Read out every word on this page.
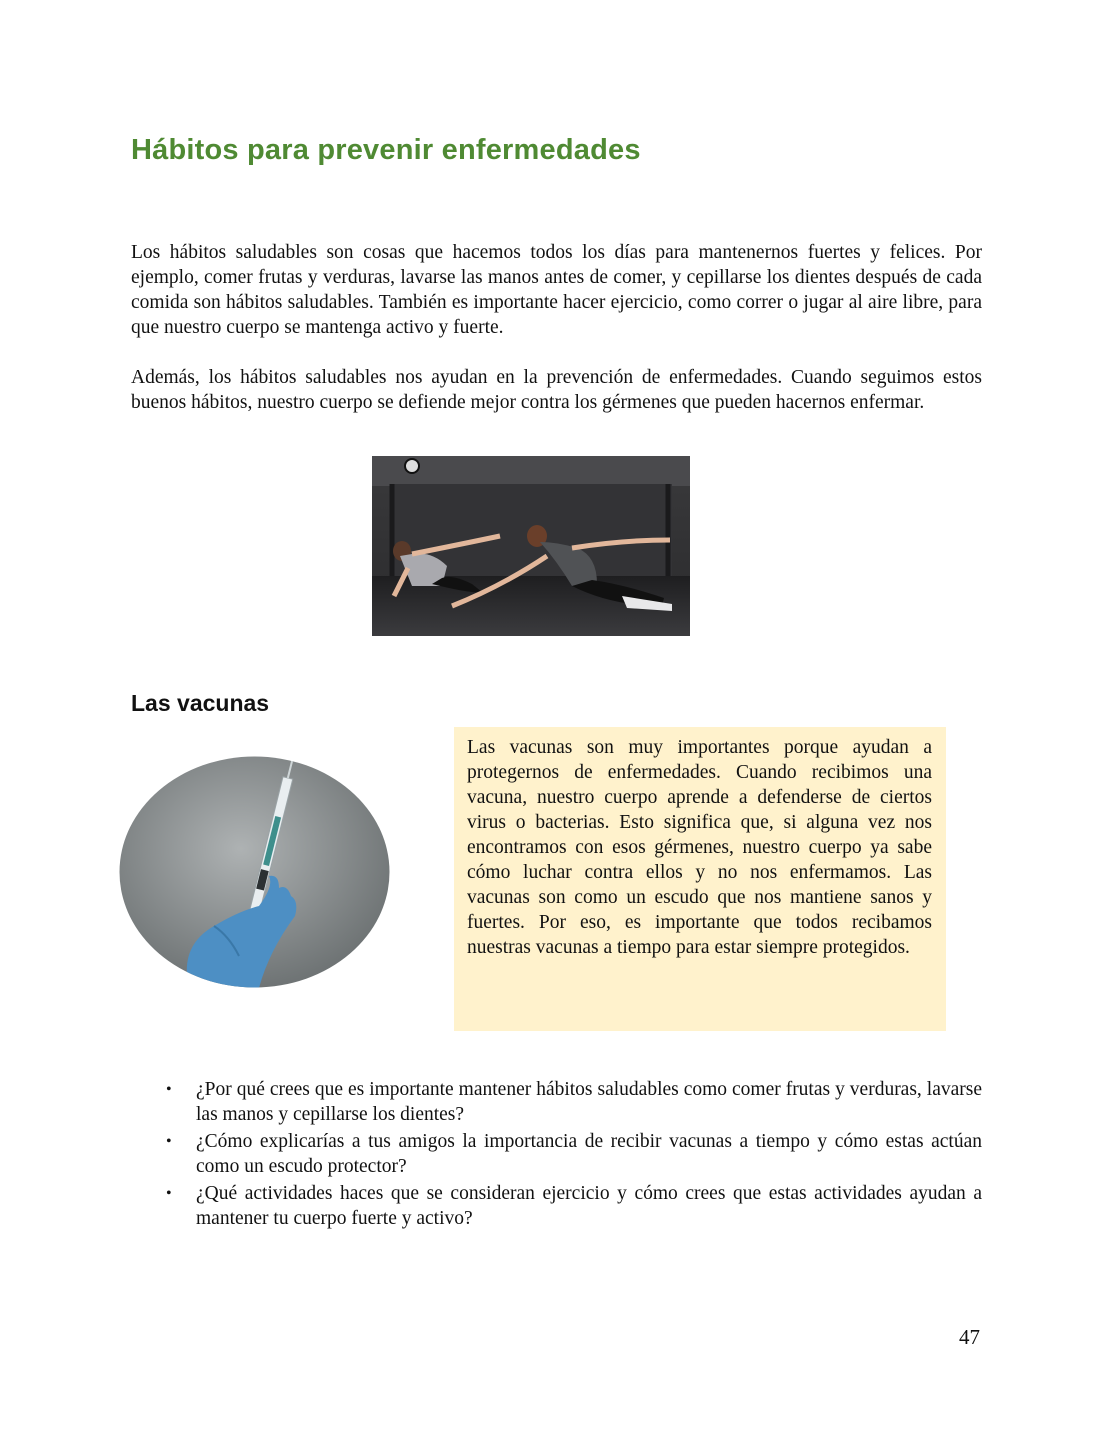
Hábitos para prevenir enfermedades

Los hábitos saludables son cosas que hacemos todos los días para mantenernos fuertes y felices. Por ejemplo, comer frutas y verduras, lavarse las manos antes de comer, y cepillarse los dientes después de cada comida son hábitos saludables. También es importante hacer ejercicio, como correr o jugar al aire libre, para que nuestro cuerpo se mantenga activo y fuerte.

Además, los hábitos saludables nos ayudan en la prevención de enfermedades. Cuando seguimos estos buenos hábitos, nuestro cuerpo se defiende mejor contra los gérmenes que pueden hacernos enfermar.

Las vacunas

Las vacunas son muy importantes porque ayudan a protegernos de enfermedades. Cuando recibimos una vacuna, nuestro cuerpo aprende a defenderse de ciertos virus o bacterias. Esto significa que, si alguna vez nos encontramos con esos gérmenes, nuestro cuerpo ya sabe cómo luchar contra ellos y no nos enfermamos. Las vacunas son como un escudo que nos mantiene sanos y fuertes. Por eso, es importante que todos recibamos nuestras vacunas a tiempo para estar siempre protegidos.

• ¿Por qué crees que es importante mantener hábitos saludables como comer frutas y verduras, lavarse las manos y cepillarse los dientes?
• ¿Cómo explicarías a tus amigos la importancia de recibir vacunas a tiempo y cómo estas actúan como un escudo protector?
• ¿Qué actividades haces que se consideran ejercicio y cómo crees que estas actividades ayudan a mantener tu cuerpo fuerte y activo?
47
